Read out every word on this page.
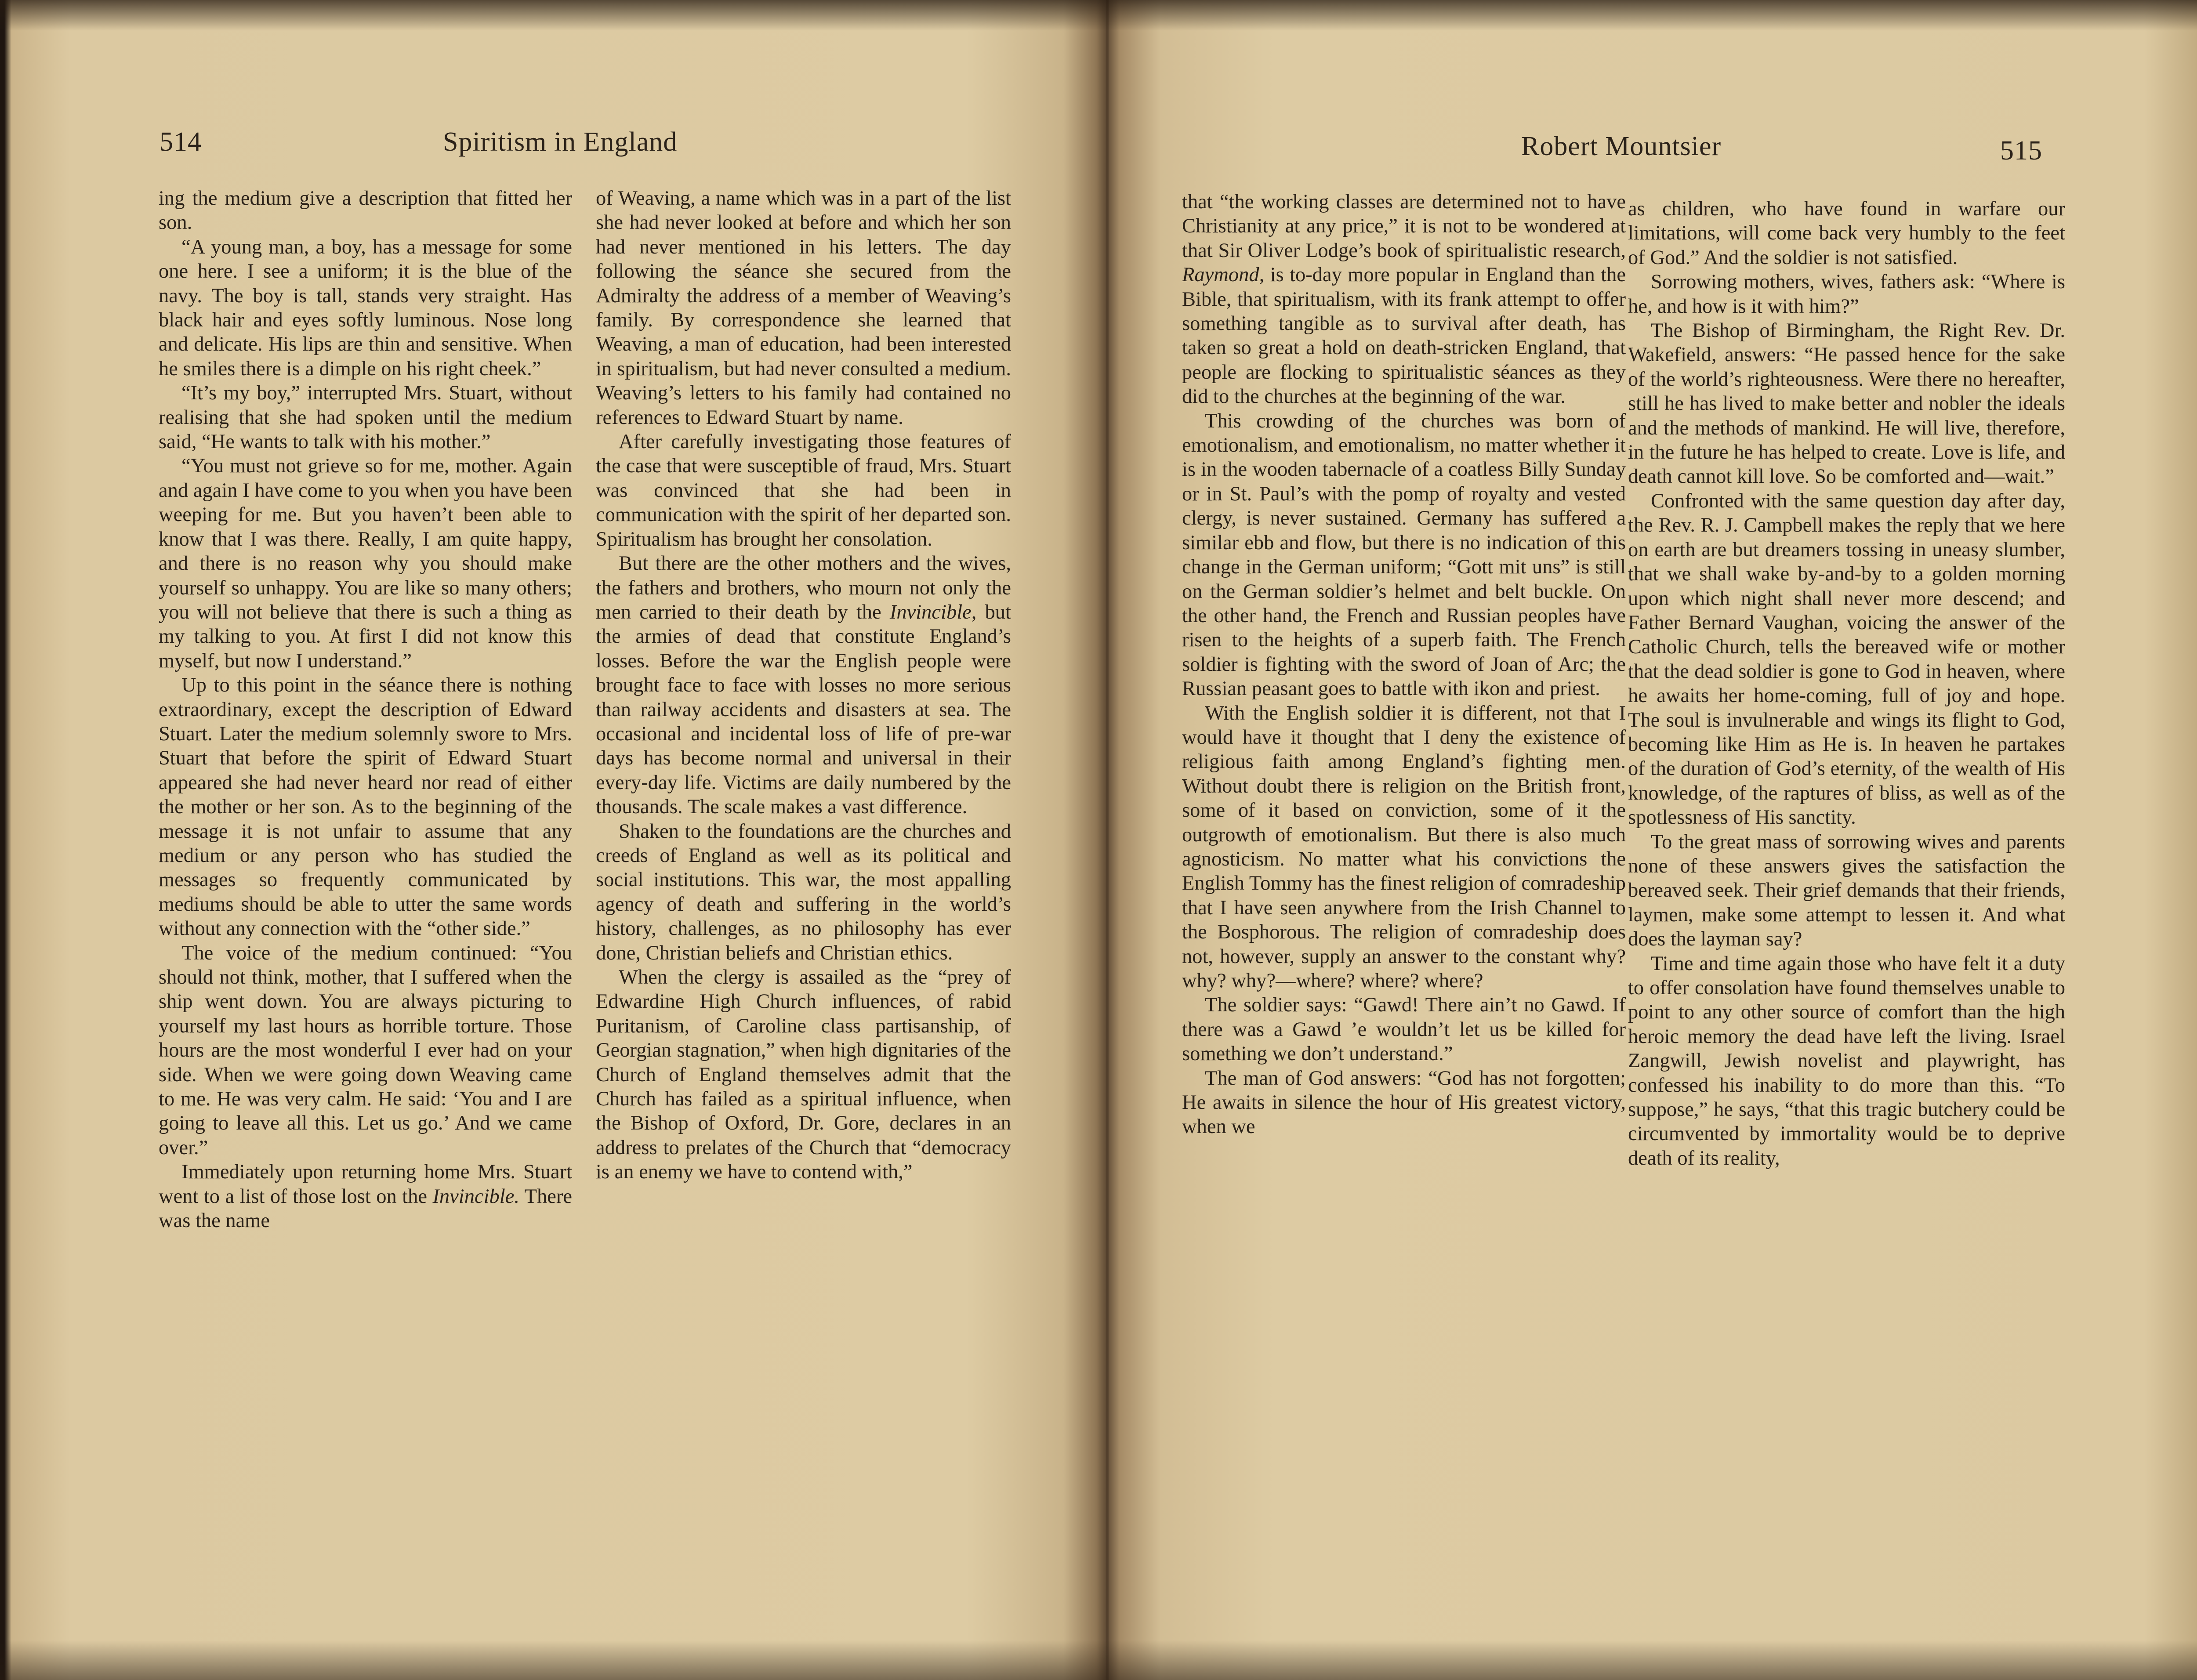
514	Spiritism in England

ing the medium give a description that fitted her son.

“A young man, a boy, has a message for some one here. I see a uniform; it is the blue of the navy. The boy is tall, stands very straight. Has black hair and eyes softly luminous. Nose long and delicate. His lips are thin and sensitive. When he smiles there is a dimple on his right cheek.”

“It’s my boy,” interrupted Mrs. Stuart, without realising that she had spoken until the medium said, “He wants to talk with his mother.”

“You must not grieve so for me, mother. Again and again I have come to you when you have been weeping for me. But you haven’t been able to know that I was there. Really, I am quite happy, and there is no reason why you should make yourself so unhappy. You are like so many others; you will not believe that there is such a thing as my talking to you. At first I did not know this myself, but now I understand.”

Up to this point in the séance there is nothing extraordinary, except the description of Edward Stuart. Later the medium solemnly swore to Mrs. Stuart that before the spirit of Edward Stuart appeared she had never heard nor read of either the mother or her son. As to the beginning of the message it is not unfair to assume that any medium or any person who has studied the messages so frequently communicated by mediums should be able to utter the same words without any connection with the “other side.”

The voice of the medium continued: “You should not think, mother, that I suffered when the ship went down. You are always picturing to yourself my last hours as horrible torture. Those hours are the most wonderful I ever had on your side. When we were going down Weaving came to me. He was very calm. He said: ‘You and I are going to leave all this. Let us go.’ And we came over.”

Immediately upon returning home Mrs. Stuart went to a list of those lost on the Invincible. There was the name

of Weaving, a name which was in a part of the list she had never looked at before and which her son had never mentioned in his letters. The day following the séance she secured from the Admiralty the address of a member of Weaving’s family. By correspondence she learned that Weaving, a man of education, had been interested in spiritualism, but had never consulted a medium. Weaving’s letters to his family had contained no references to Edward Stuart by name.

After carefully investigating those features of the case that were susceptible of fraud, Mrs. Stuart was convinced that she had been in communication with the spirit of her departed son. Spiritualism has brought her consolation.

But there are the other mothers and the wives, the fathers and brothers, who mourn not only the men carried to their death by the Invincible, but the armies of dead that constitute England’s losses. Before the war the English people were brought face to face with losses no more serious than railway accidents and disasters at sea. The occasional and incidental loss of life of pre-war days has become normal and universal in their every-day life. Victims are daily numbered by the thousands. The scale makes a vast difference.

Shaken to the foundations are the churches and creeds of England as well as its political and social institutions. This war, the most appalling agency of death and suffering in the world’s history, challenges, as no philosophy has ever done, Christian beliefs and Christian ethics.

When the clergy is assailed as the “prey of Edwardine High Church influences, of rabid Puritanism, of Caroline class partisanship, of Georgian stagnation,” when high dignitaries of the Church of England themselves admit that the Church has failed as a spiritual influence, when the Bishop of Oxford, Dr. Gore, declares in an address to prelates of the Church that “democracy is an enemy we have to contend with,”

Robert Mountsier	515

that “the working classes are determined not to have Christianity at any price,” it is not to be wondered at that Sir Oliver Lodge’s book of spiritualistic research, Raymond, is to-day more popular in England than the Bible, that spiritualism, with its frank attempt to offer something tangible as to survival after death, has taken so great a hold on death-stricken England, that people are flocking to spiritualistic séances as they did to the churches at the beginning of the war.

This crowding of the churches was born of emotionalism, and emotionalism, no matter whether it is in the wooden tabernacle of a coatless Billy Sunday or in St. Paul’s with the pomp of royalty and vested clergy, is never sustained. Germany has suffered a similar ebb and flow, but there is no indication of this change in the German uniform; “Gott mit uns” is still on the German soldier’s helmet and belt buckle. On the other hand, the French and Russian peoples have risen to the heights of a superb faith. The French soldier is fighting with the sword of Joan of Arc; the Russian peasant goes to battle with ikon and priest.

With the English soldier it is different, not that I would have it thought that I deny the existence of religious faith among England’s fighting men. Without doubt there is religion on the British front, some of it based on conviction, some of it the outgrowth of emotionalism. But there is also much agnosticism. No matter what his convictions the English Tommy has the finest religion of comradeship that I have seen anywhere from the Irish Channel to the Bosphorous. The religion of comradeship does not, however, supply an answer to the constant why? why? why?—where? where? where?

The soldier says: “Gawd! There ain’t no Gawd. If there was a Gawd ’e wouldn’t let us be killed for something we don’t understand.”

The man of God answers: “God has not forgotten; He awaits in silence the hour of His greatest victory, when we

as children, who have found in warfare our limitations, will come back very humbly to the feet of God.” And the soldier is not satisfied.

Sorrowing mothers, wives, fathers ask: “Where is he, and how is it with him?”

The Bishop of Birmingham, the Right Rev. Dr. Wakefield, answers: “He passed hence for the sake of the world’s righteousness. Were there no hereafter, still he has lived to make better and nobler the ideals and the methods of mankind. He will live, therefore, in the future he has helped to create. Love is life, and death cannot kill love. So be comforted and—wait.”

Confronted with the same question day after day, the Rev. R. J. Campbell makes the reply that we here on earth are but dreamers tossing in uneasy slumber, that we shall wake by-and-by to a golden morning upon which night shall never more descend; and Father Bernard Vaughan, voicing the answer of the Catholic Church, tells the bereaved wife or mother that the dead soldier is gone to God in heaven, where he awaits her home-coming, full of joy and hope. The soul is invulnerable and wings its flight to God, becoming like Him as He is. In heaven he partakes of the duration of God’s eternity, of the wealth of His knowledge, of the raptures of bliss, as well as of the spotlessness of His sanctity.

To the great mass of sorrowing wives and parents none of these answers gives the satisfaction the bereaved seek. Their grief demands that their friends, laymen, make some attempt to lessen it. And what does the layman say?

Time and time again those who have felt it a duty to offer consolation have found themselves unable to point to any other source of comfort than the high heroic memory the dead have left the living. Israel Zangwill, Jewish novelist and playwright, has confessed his inability to do more than this. “To suppose,” he says, “that this tragic butchery could be circumvented by immortality would be to deprive death of its reality,
